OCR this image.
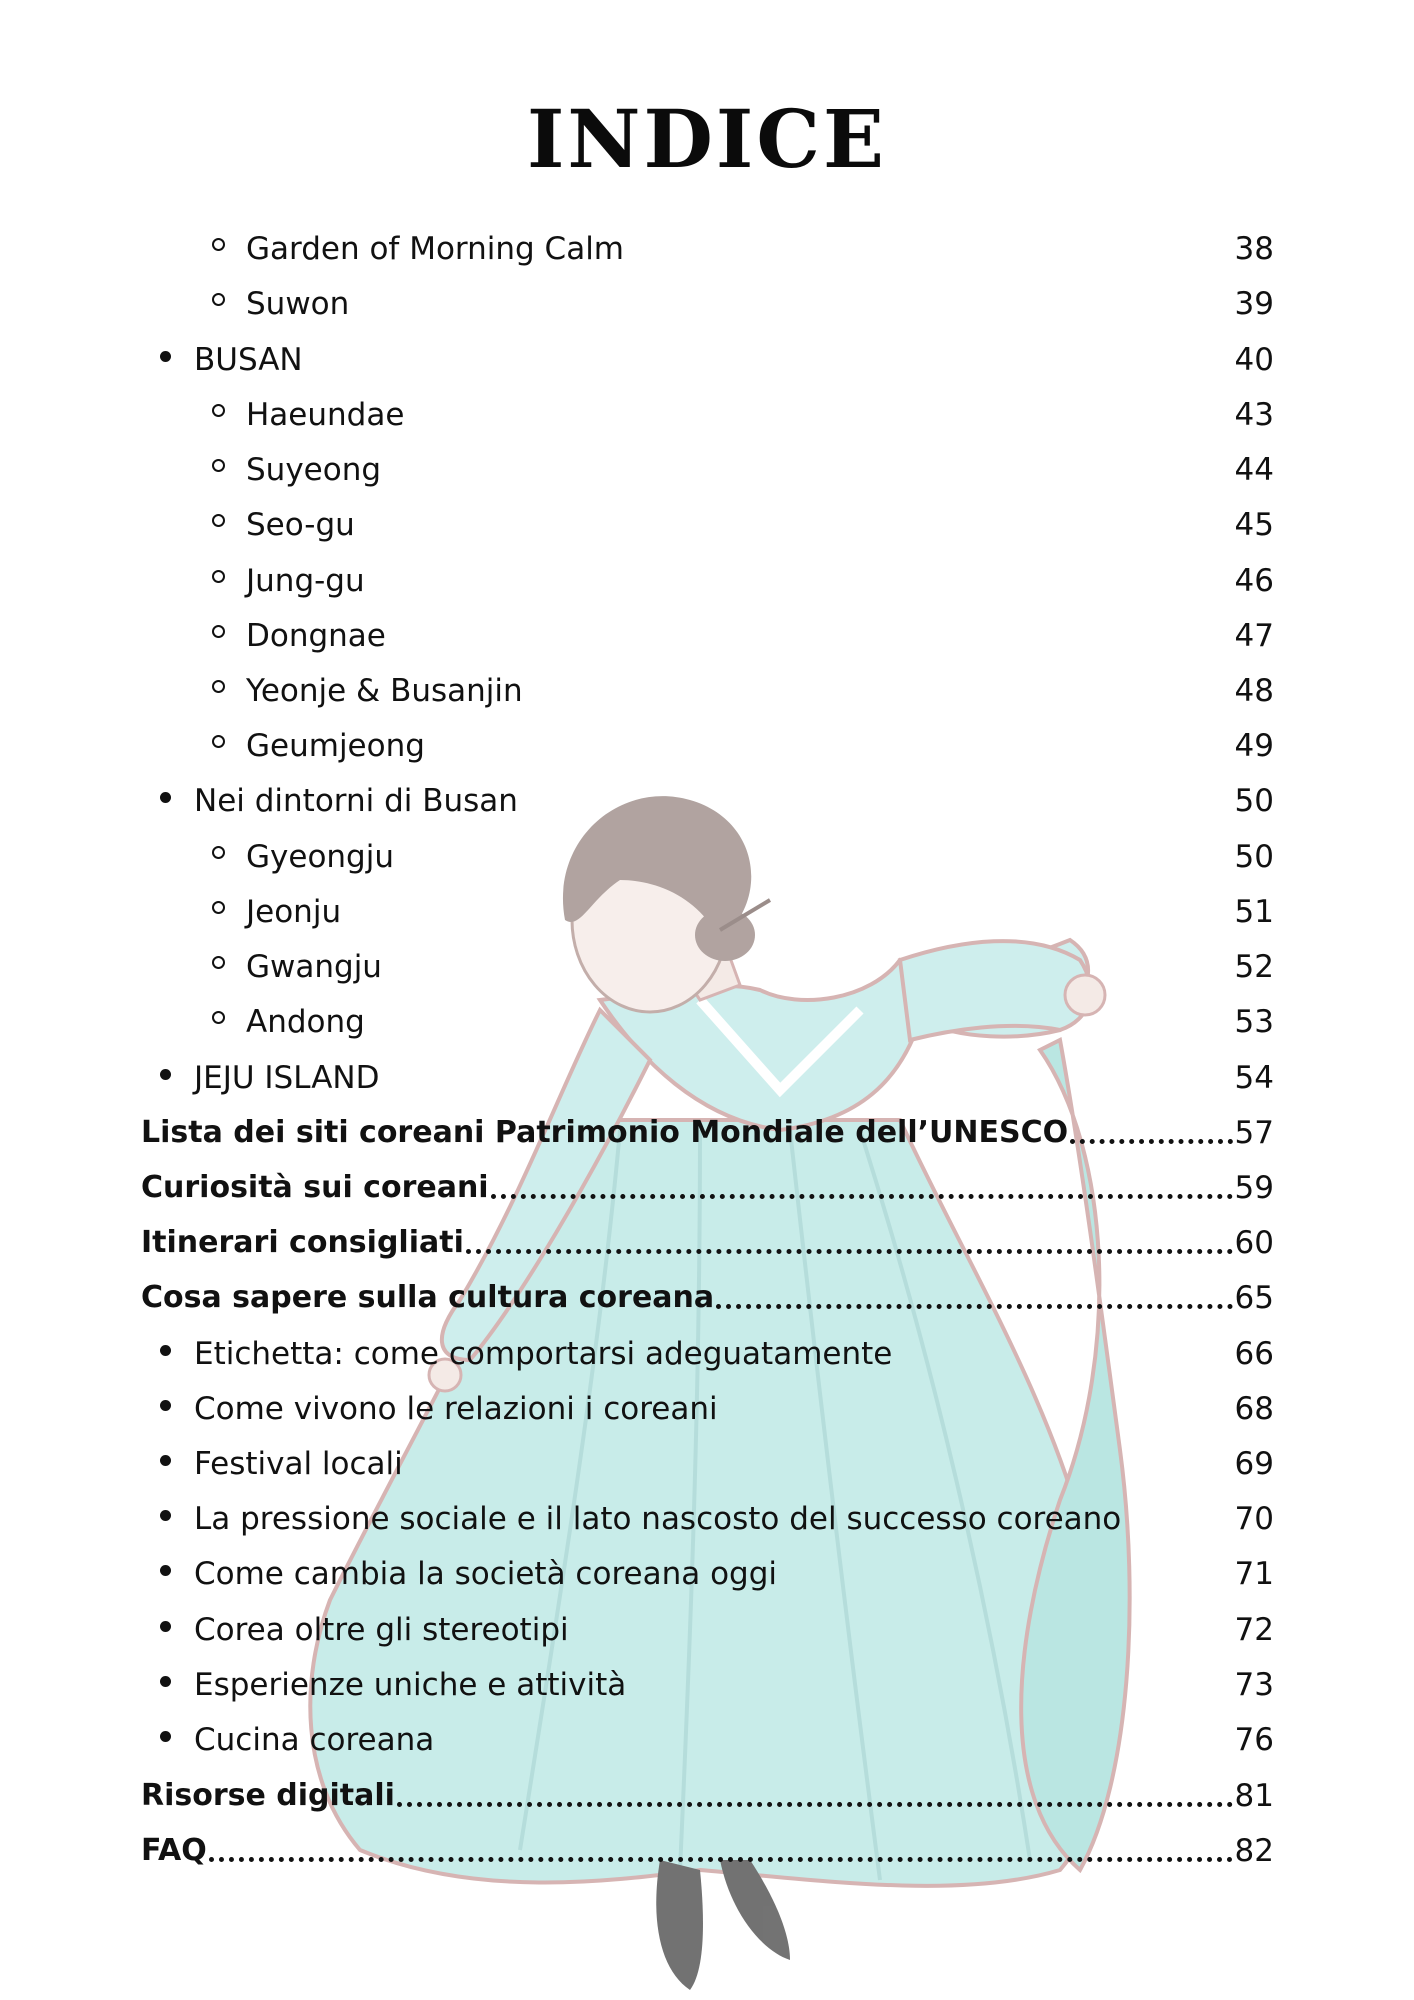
INDICE
Garden of Morning Calm	38
Suwon	39
BUSAN	40
Haeundae	43
Suyeong	44
Seo-gu	45
Jung-gu	46
Dongnae	47
Yeonje & Busanjin	48
Geumjeong	49
Nei dintorni di Busan	50
Gyeongju	50
Jeonju	51
Gwangju	52
Andong	53
JEJU ISLAND	54
Lista dei siti coreani Patrimonio Mondiale dell’UNESCO	57
Curiosità sui coreani	59
Itinerari consigliati	60
Cosa sapere sulla cultura coreana	65
Etichetta: come comportarsi adeguatamente	66
Come vivono le relazioni i coreani	68
Festival locali	69
La pressione sociale e il lato nascosto del successo coreano	70
Come cambia la società coreana oggi	71
Corea oltre gli stereotipi	72
Esperienze uniche e attività	73
Cucina coreana	76
Risorse digitali	81
FAQ	82
